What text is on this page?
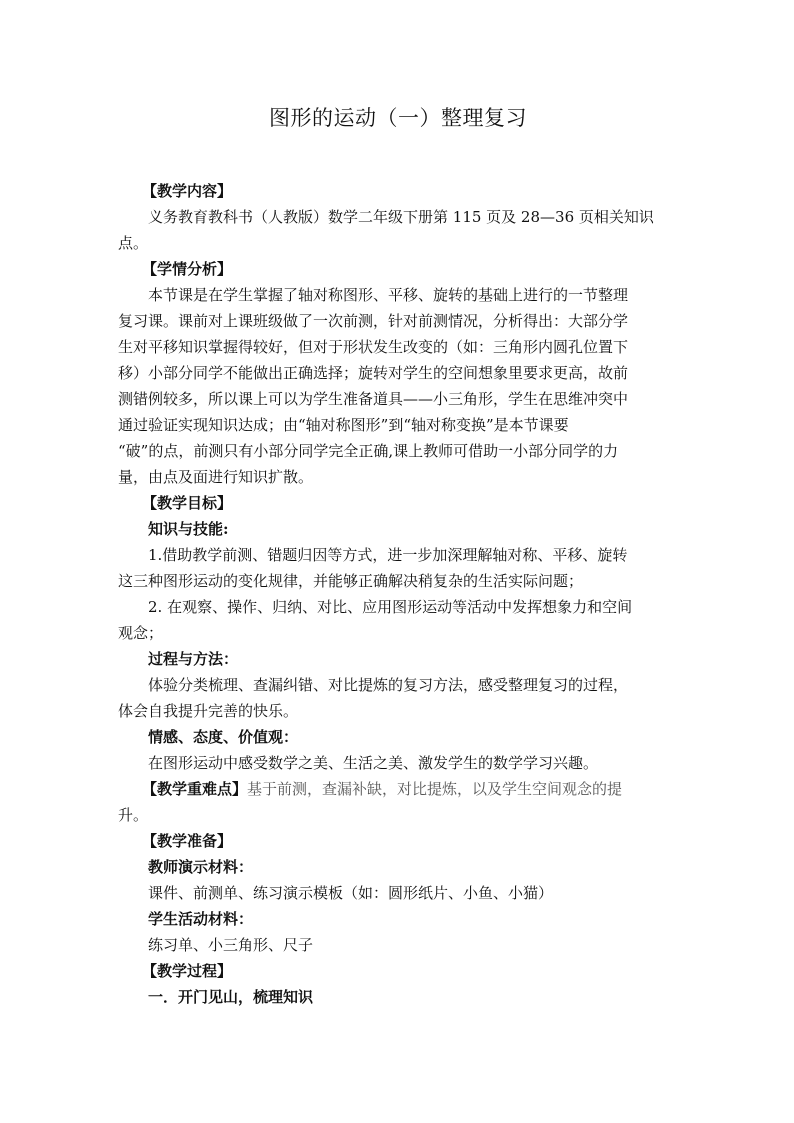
图形的运动（一）整理复习
【教学内容】
义务教育教科书（人教版）数学二年级下册第 115 页及 28—36 页相关知识
点。
【学情分析】
本节课是在学生掌握了轴对称图形、平移、旋转的基础上进行的一节整理
复习课。课前对上课班级做了一次前测，针对前测情况，分析得出：大部分学
生对平移知识掌握得较好，但对于形状发生改变的（如：三角形内圆孔位置下
移）小部分同学不能做出正确选择；旋转对学生的空间想象里要求更高，故前
测错例较多，所以课上可以为学生准备道具——小三角形，学生在思维冲突中
通过验证实现知识达成；由“轴对称图形”到“轴对称变换”是本节课要
“破”的点，前测只有小部分同学完全正确,课上教师可借助一小部分同学的力
量，由点及面进行知识扩散。
【教学目标】
知识与技能:
1.借助教学前测、错题归因等方式，进一步加深理解轴对称、平移、旋转
这三种图形运动的变化规律，并能够正确解决稍复杂的生活实际问题；
2. 在观察、操作、归纳、对比、应用图形运动等活动中发挥想象力和空间
观念；
过程与方法：
体验分类梳理、查漏纠错、对比提炼的复习方法，感受整理复习的过程，
体会自我提升完善的快乐。
情感、态度、价值观：
在图形运动中感受数学之美、生活之美、激发学生的数学学习兴趣。
【教学重难点】基于前测，查漏补缺，对比提炼，以及学生空间观念的提
升。
【教学准备】
教师演示材料：
课件、前测单、练习演示模板（如：圆形纸片、小鱼、小猫）
学生活动材料：
练习单、小三角形、尺子
【教学过程】
一．开门见山，梳理知识
